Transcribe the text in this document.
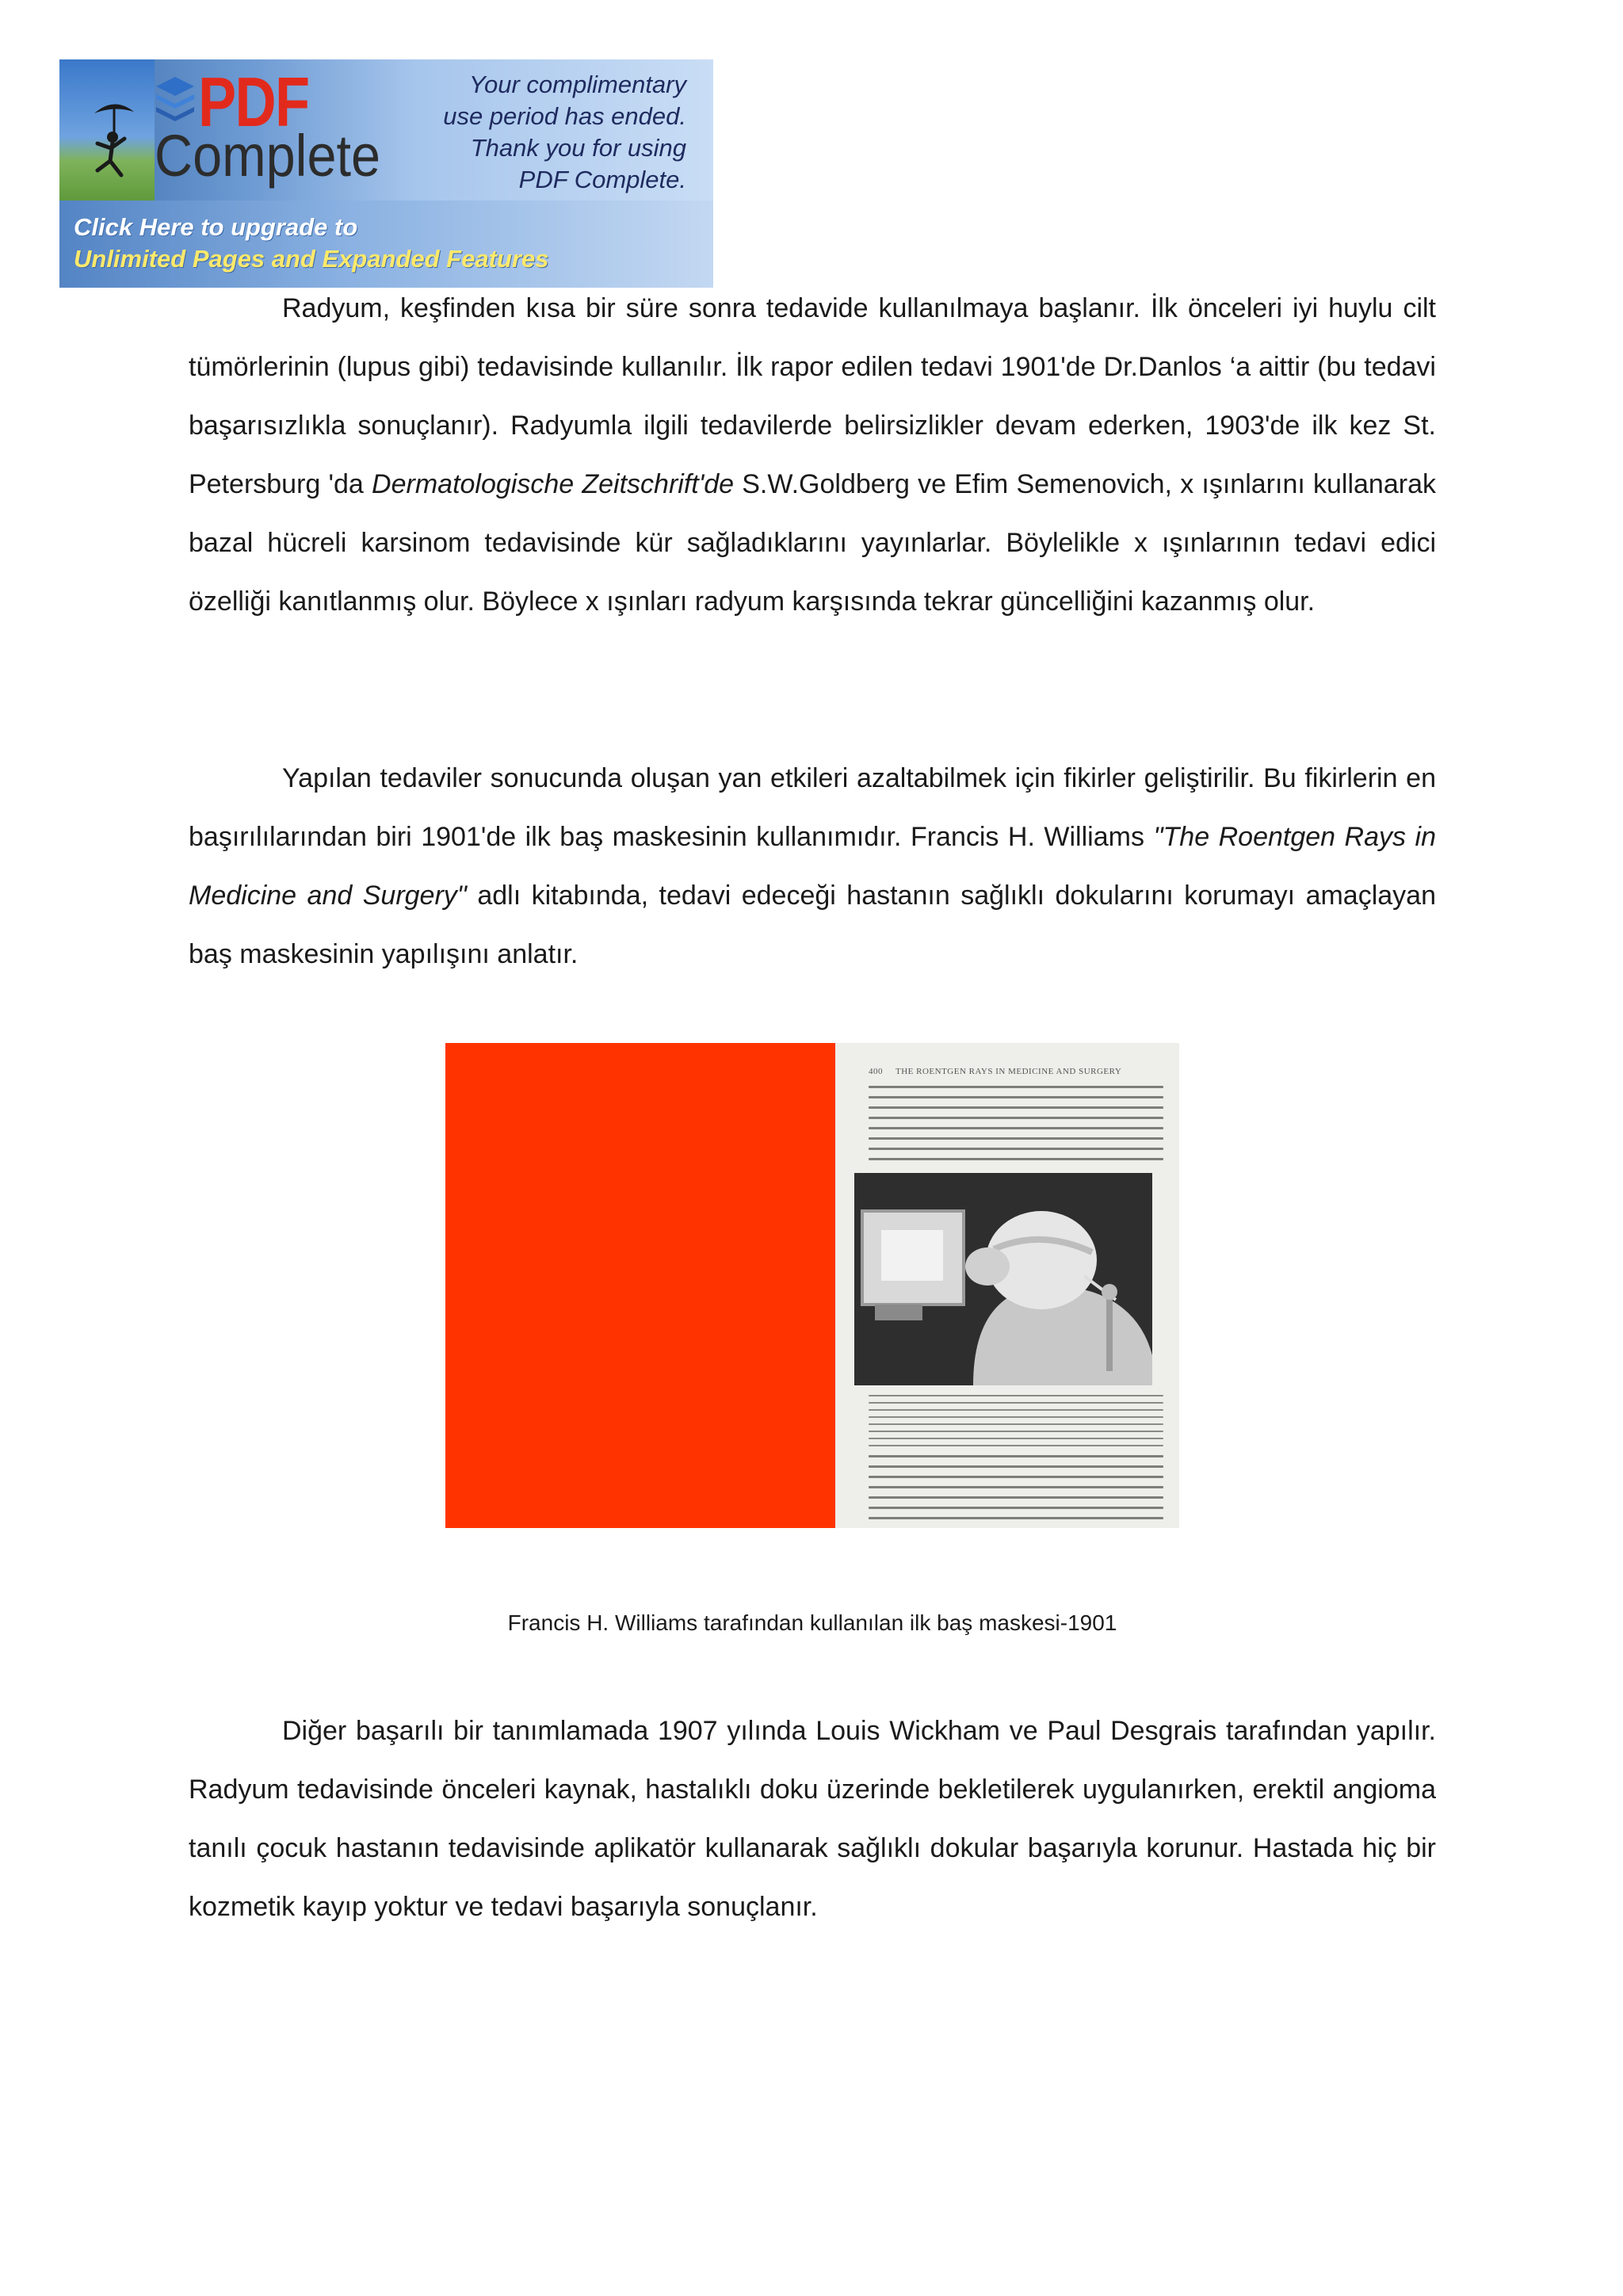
PDF
Complete
Your complimentary
use period has ended.
Thank you for using
PDF Complete.
Click Here to upgrade to
Unlimited Pages and Expanded Features

Radyum, keşfinden kısa bir süre sonra tedavide kullanılmaya başlanır. İlk önceleri iyi huylu cilt tümörlerinin (lupus gibi) tedavisinde kullanılır. İlk rapor edilen tedavi 1901'de Dr.Danlos ‘a aittir (bu tedavi başarısızlıkla sonuçlanır). Radyumla ilgili tedavilerde belirsizlikler devam ederken, 1903'de ilk kez St. Petersburg 'da Dermatologische Zeitschrift'de S.W.Goldberg ve Efim Semenovich, x ışınlarını kullanarak bazal hücreli karsinom tedavisinde kür sağladıklarını yayınlarlar. Böylelikle x ışınlarının tedavi edici özelliği kanıtlanmış olur. Böylece x ışınları radyum karşısında tekrar güncelliğini kazanmış olur.

Yapılan tedaviler sonucunda oluşan yan etkileri azaltabilmek için fikirler geliştirilir. Bu fikirlerin en başırılılarından biri 1901'de ilk baş maskesinin kullanımıdır. Francis H. Williams "The Roentgen Rays in Medicine and Surgery" adlı kitabında, tedavi edeceği hastanın sağlıklı dokularını korumayı amaçlayan baş maskesinin yapılışını anlatır.

400 THE ROENTGEN RAYS IN MEDICINE AND SURGERY

Francis H. Williams tarafından kullanılan ilk baş maskesi-1901

Diğer başarılı bir tanımlamada 1907 yılında Louis Wickham ve Paul Desgrais tarafından yapılır. Radyum tedavisinde önceleri kaynak, hastalıklı doku üzerinde bekletilerek uygulanırken, erektil angioma tanılı çocuk hastanın tedavisinde aplikatör kullanarak sağlıklı dokular başarıyla korunur. Hastada hiç bir kozmetik kayıp yoktur ve tedavi başarıyla sonuçlanır.
